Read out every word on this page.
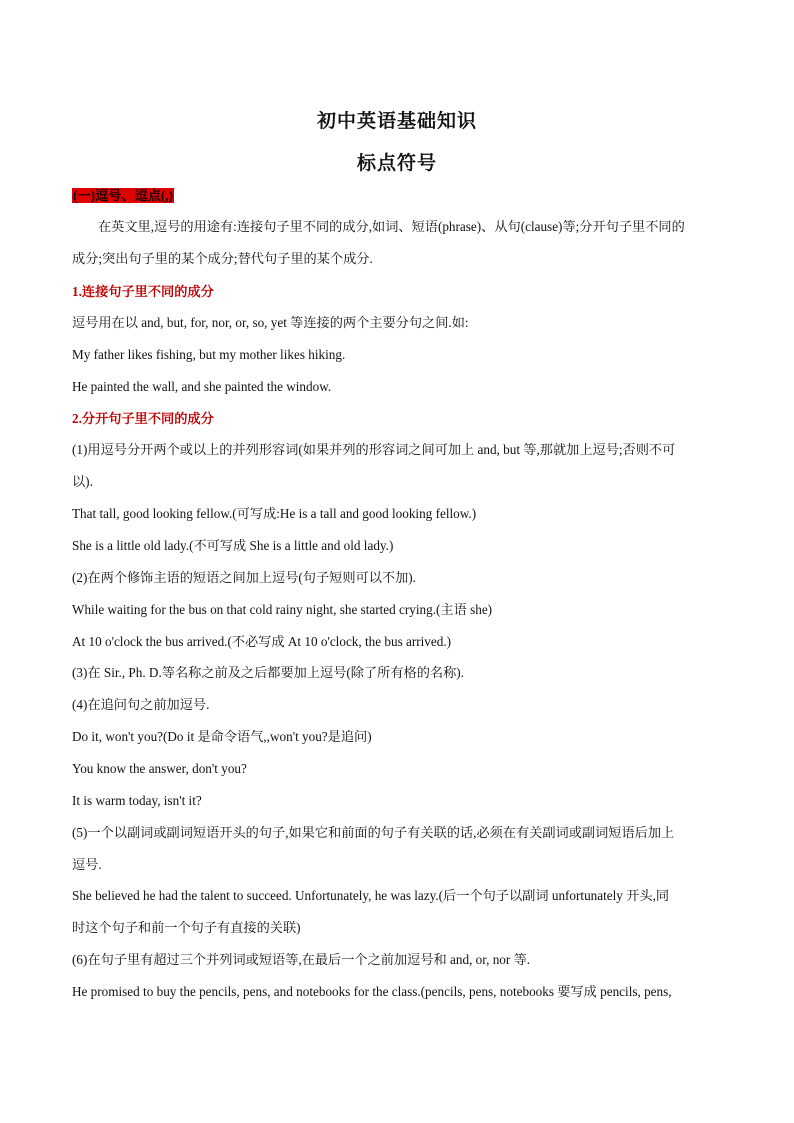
初中英语基础知识
标点符号
(一)逗号、逗点(,)
在英文里,逗号的用途有:连接句子里不同的成分,如词、短语(phrase)、从句(clause)等;分开句子里不同的
成分;突出句子里的某个成分;替代句子里的某个成分.
1.连接句子里不同的成分
逗号用在以 and, but, for, nor, or, so, yet 等连接的两个主要分句之间.如:
My father likes fishing, but my mother likes hiking.
He painted the wall, and she painted the window.
2.分开句子里不同的成分
(1)用逗号分开两个或以上的并列形容词(如果并列的形容词之间可加上 and, but 等,那就加上逗号;否则不可
以).
That tall, good looking fellow.(可写成:He is a tall and good looking fellow.)
She is a little old lady.(不可写成 She is a little and old lady.)
(2)在两个修饰主语的短语之间加上逗号(句子短则可以不加).
While waiting for the bus on that cold rainy night, she started crying.(主语 she)
At 10 o'clock the bus arrived.(不必写成 At 10 o'clock, the bus arrived.)
(3)在 Sir., Ph. D.等名称之前及之后都要加上逗号(除了所有格的名称).
(4)在追问句之前加逗号.
Do it, won't you?(Do it 是命令语气,,won't you?是追问)
You know the answer, don't you?
It is warm today, isn't it?
(5)一个以副词或副词短语开头的句子,如果它和前面的句子有关联的话,必须在有关副词或副词短语后加上
逗号.
She believed he had the talent to succeed. Unfortunately, he was lazy.(后一个句子以副词 unfortunately 开头,同
时这个句子和前一个句子有直接的关联)
(6)在句子里有超过三个并列词或短语等,在最后一个之前加逗号和 and, or, nor 等.
He promised to buy the pencils, pens, and notebooks for the class.(pencils, pens, notebooks 要写成 pencils, pens,
